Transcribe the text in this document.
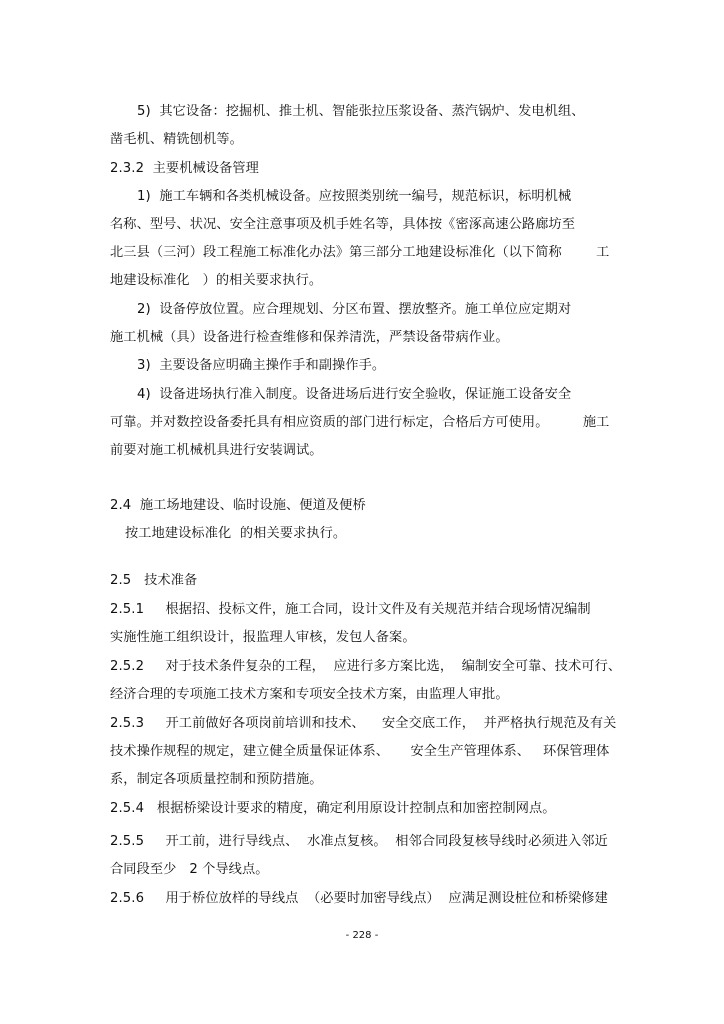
5)  其它设备：挖掘机、推土机、智能张拉压浆设备、蒸汽锅炉、发电机组、
凿毛机、精铣刨机等。
2.3.2  主要机械设备管理
1)  施工车辆和各类机械设备。应按照类别统一编号，规范标识，标明机械
名称、型号、状况、安全注意事项及机手姓名等，具体按《密涿高速公路廊坊至
北三县（三河）段工程施工标准化办法》第三部分工地建设标准化（以下简称        工
地建设标准化   ）的相关要求执行。
2)  设备停放位置。应合理规划、分区布置、摆放整齐。施工单位应定期对
施工机械（具）设备进行检查维修和保养清洗，严禁设备带病作业。
3)  主要设备应明确主操作手和副操作手。
4)  设备进场执行准入制度。设备进场后进行安全验收，保证施工设备安全
可靠。并对数控设备委托具有相应资质的部门进行标定，合格后方可使用。        施工
前要对施工机械机具进行安装调试。
2.4  施工场地建设、临时设施、便道及便桥
按工地建设标准化  的相关要求执行。
2.5   技术准备
2.5.1     根据招、投标文件，施工合同，设计文件及有关规范并结合现场情况编制
实施性施工组织设计，报监理人审核，发包人备案。
2.5.2     对于技术条件复杂的工程，  应进行多方案比选，  编制安全可靠、技术可行、
经济合理的专项施工技术方案和专项安全技术方案，由监理人审批。
2.5.3     开工前做好各项岗前培训和技术、    安全交底工作，  并严格执行规范及有关
技术操作规程的规定，建立健全质量保证体系、     安全生产管理体系、   环保管理体
系，制定各项质量控制和预防措施。
2.5.4   根据桥梁设计要求的精度，确定利用原设计控制点和加密控制网点。
2.5.5     开工前，进行导线点、  水准点复核。  相邻合同段复核导线时必须进入邻近
合同段至少   2 个导线点。
2.5.6     用于桥位放样的导线点  （必要时加密导线点）  应满足测设桩位和桥梁修建
- 228 -
